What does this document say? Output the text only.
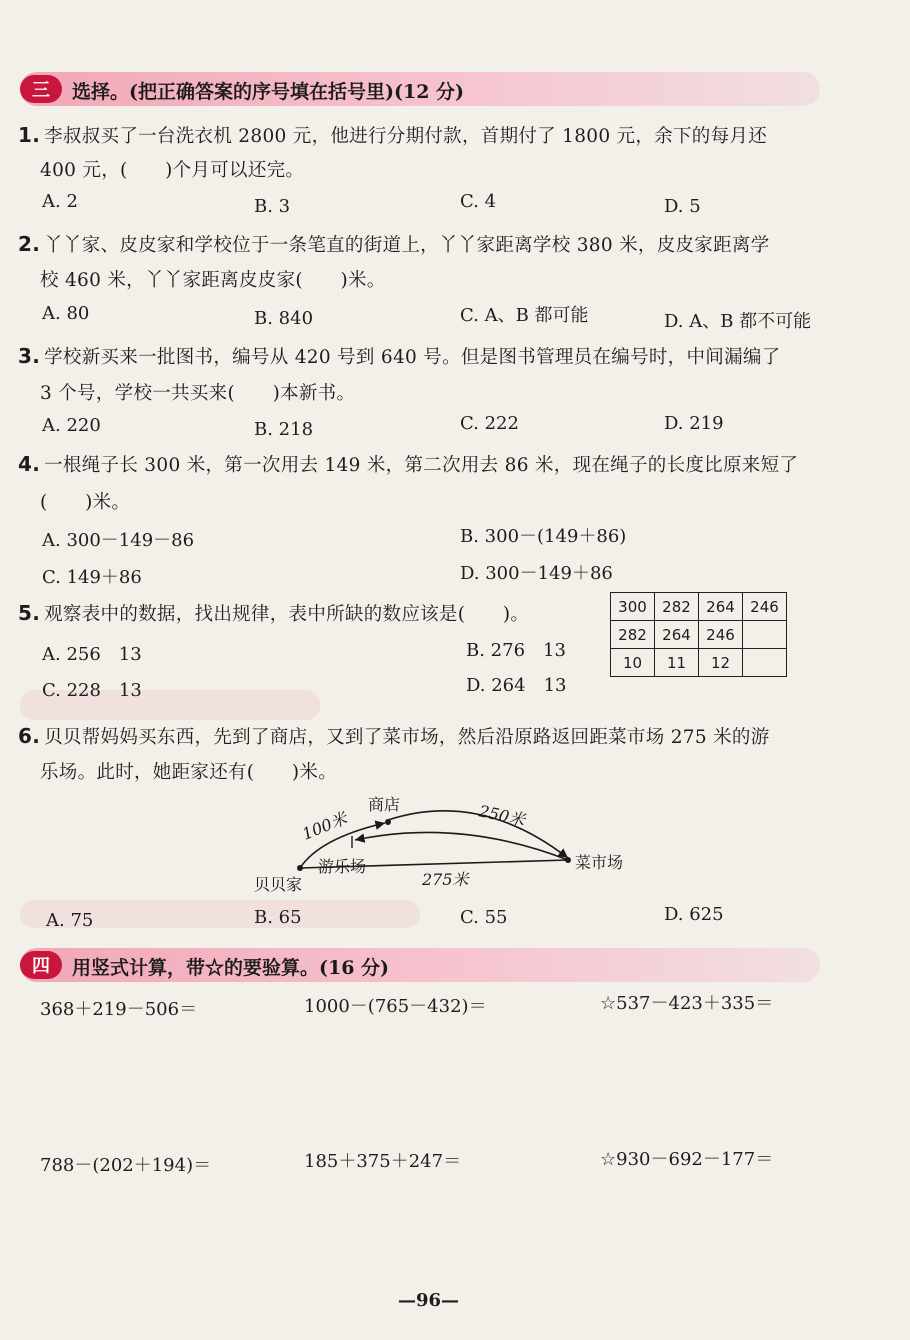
三	选择。(把正确答案的序号填在括号里)(12 分)
1. 李叔叔买了一台洗衣机 2800 元，他进行分期付款，首期付了 1800 元，余下的每月还
400 元，(　　)个月可以还完。
A. 2	B. 3	C. 4	D. 5
2. 丫丫家、皮皮家和学校位于一条笔直的街道上，丫丫家距离学校 380 米，皮皮家距离学
校 460 米，丫丫家距离皮皮家(　　)米。
A. 80	B. 840	C. A、B 都可能	D. A、B 都不可能
3. 学校新买来一批图书，编号从 420 号到 640 号。但是图书管理员在编号时，中间漏编了
3 个号，学校一共买来(　　)本新书。
A. 220	B. 218	C. 222	D. 219
4. 一根绳子长 300 米，第一次用去 149 米，第二次用去 86 米，现在绳子的长度比原来短了
(　　)米。
A. 300－149－86	B. 300－(149＋86)
C. 149＋86	D. 300－149＋86
5. 观察表中的数据，找出规律，表中所缺的数应该是(　　)。
A. 256　13	B. 276　13
C. 228　13	D. 264　13
300	282	264	246
282	264	246	
10	11	12	
6. 贝贝帮妈妈买东西，先到了商店，又到了菜市场，然后沿原路返回距菜市场 275 米的游
乐场。此时，她距家还有(　　)米。
商店
菜市场
游乐场
贝贝家
100米	250米
275米
A. 75	B. 65	C. 55	D. 625
四	用竖式计算，带☆的要验算。(16 分)
368＋219－506＝	1000－(765－432)＝	☆537－423＋335＝
788－(202＋194)＝	185＋375＋247＝	☆930－692－177＝
—96—
